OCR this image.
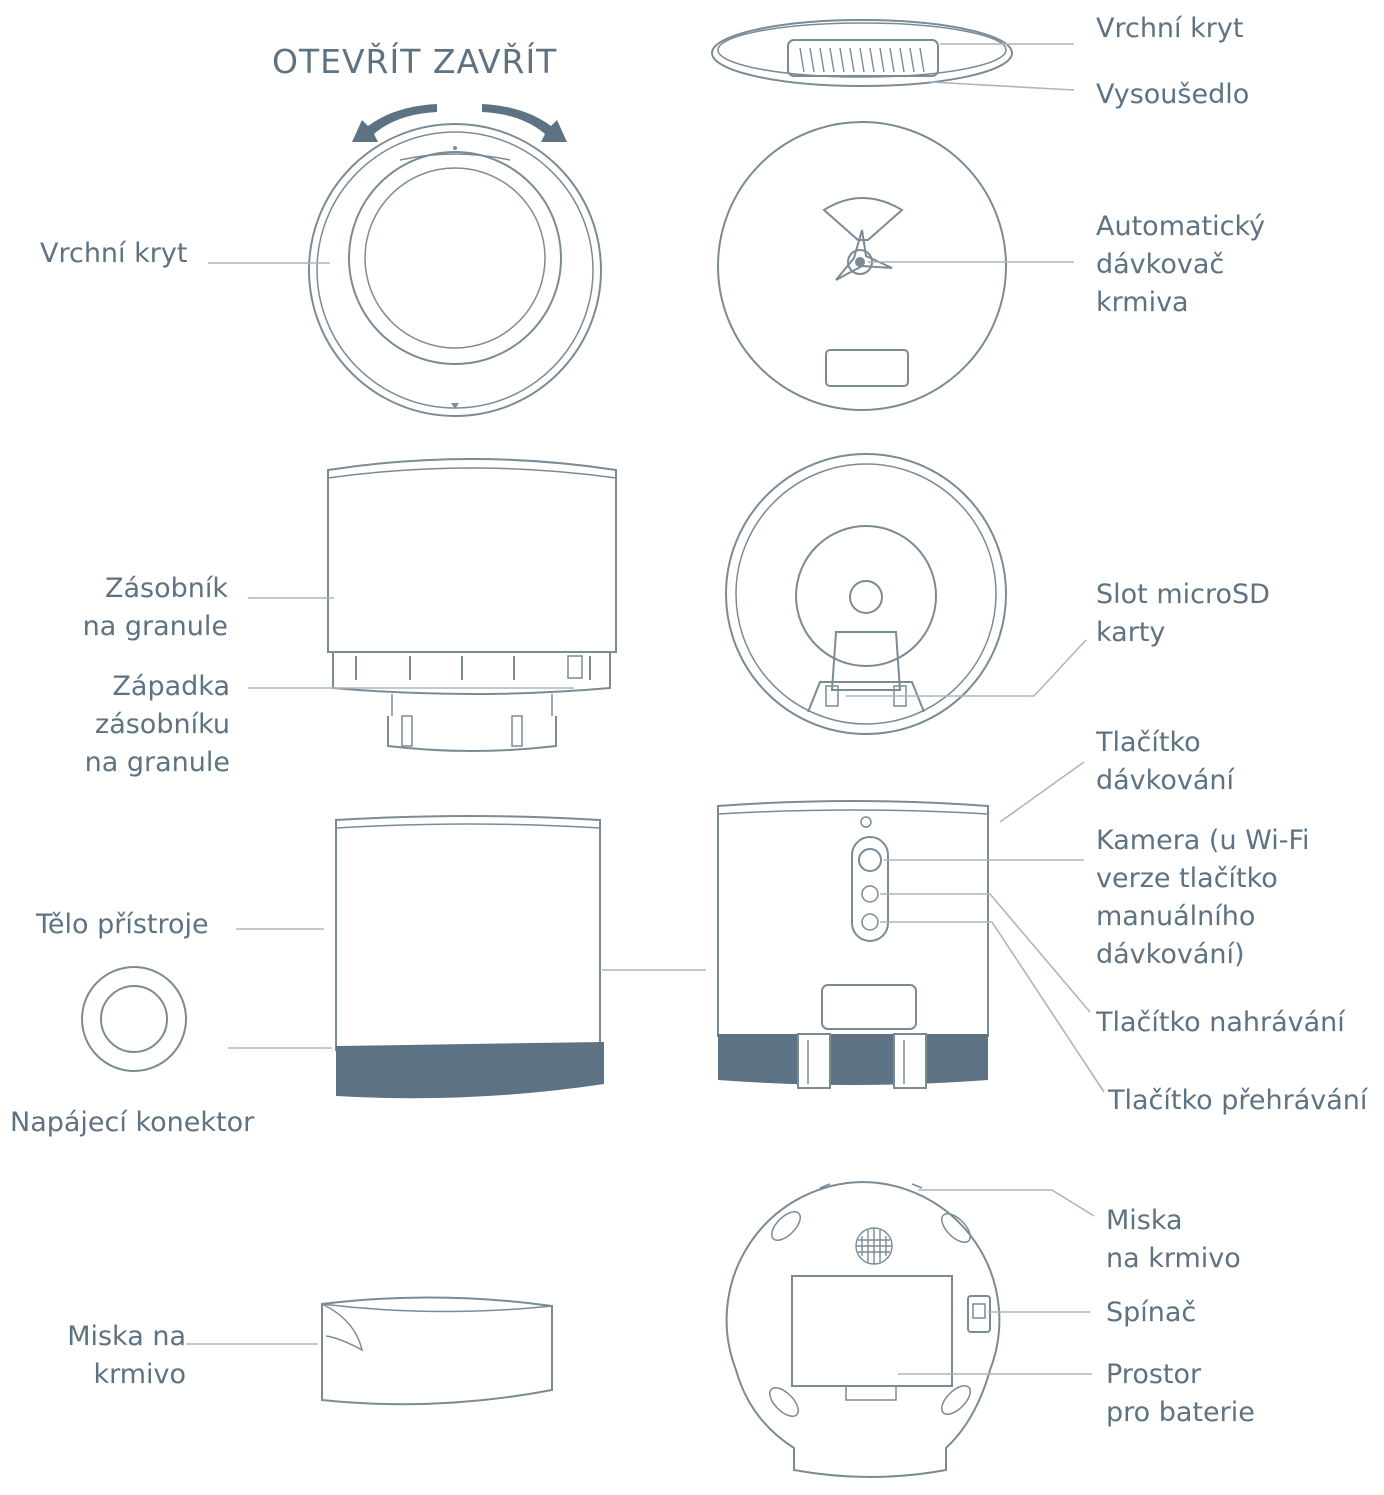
OTEVŘÍT ZAVŘÍT
Vrchní kryt
Vrchní kryt
Vysoušedlo
Automatický
dávkovač
krmiva
Zásobník
na granule
Západka
zásobníku
na granule
Slot microSD
karty
Tlačítko
dávkování
Kamera (u Wi-Fi
verze tlačítko
manuálního
dávkování)
Tlačítko nahrávání
Tlačítko přehrávání
Tělo přístroje
Napájecí konektor
Miska na
krmivo
Miska
na krmivo
Spínač
Prostor
pro baterie
